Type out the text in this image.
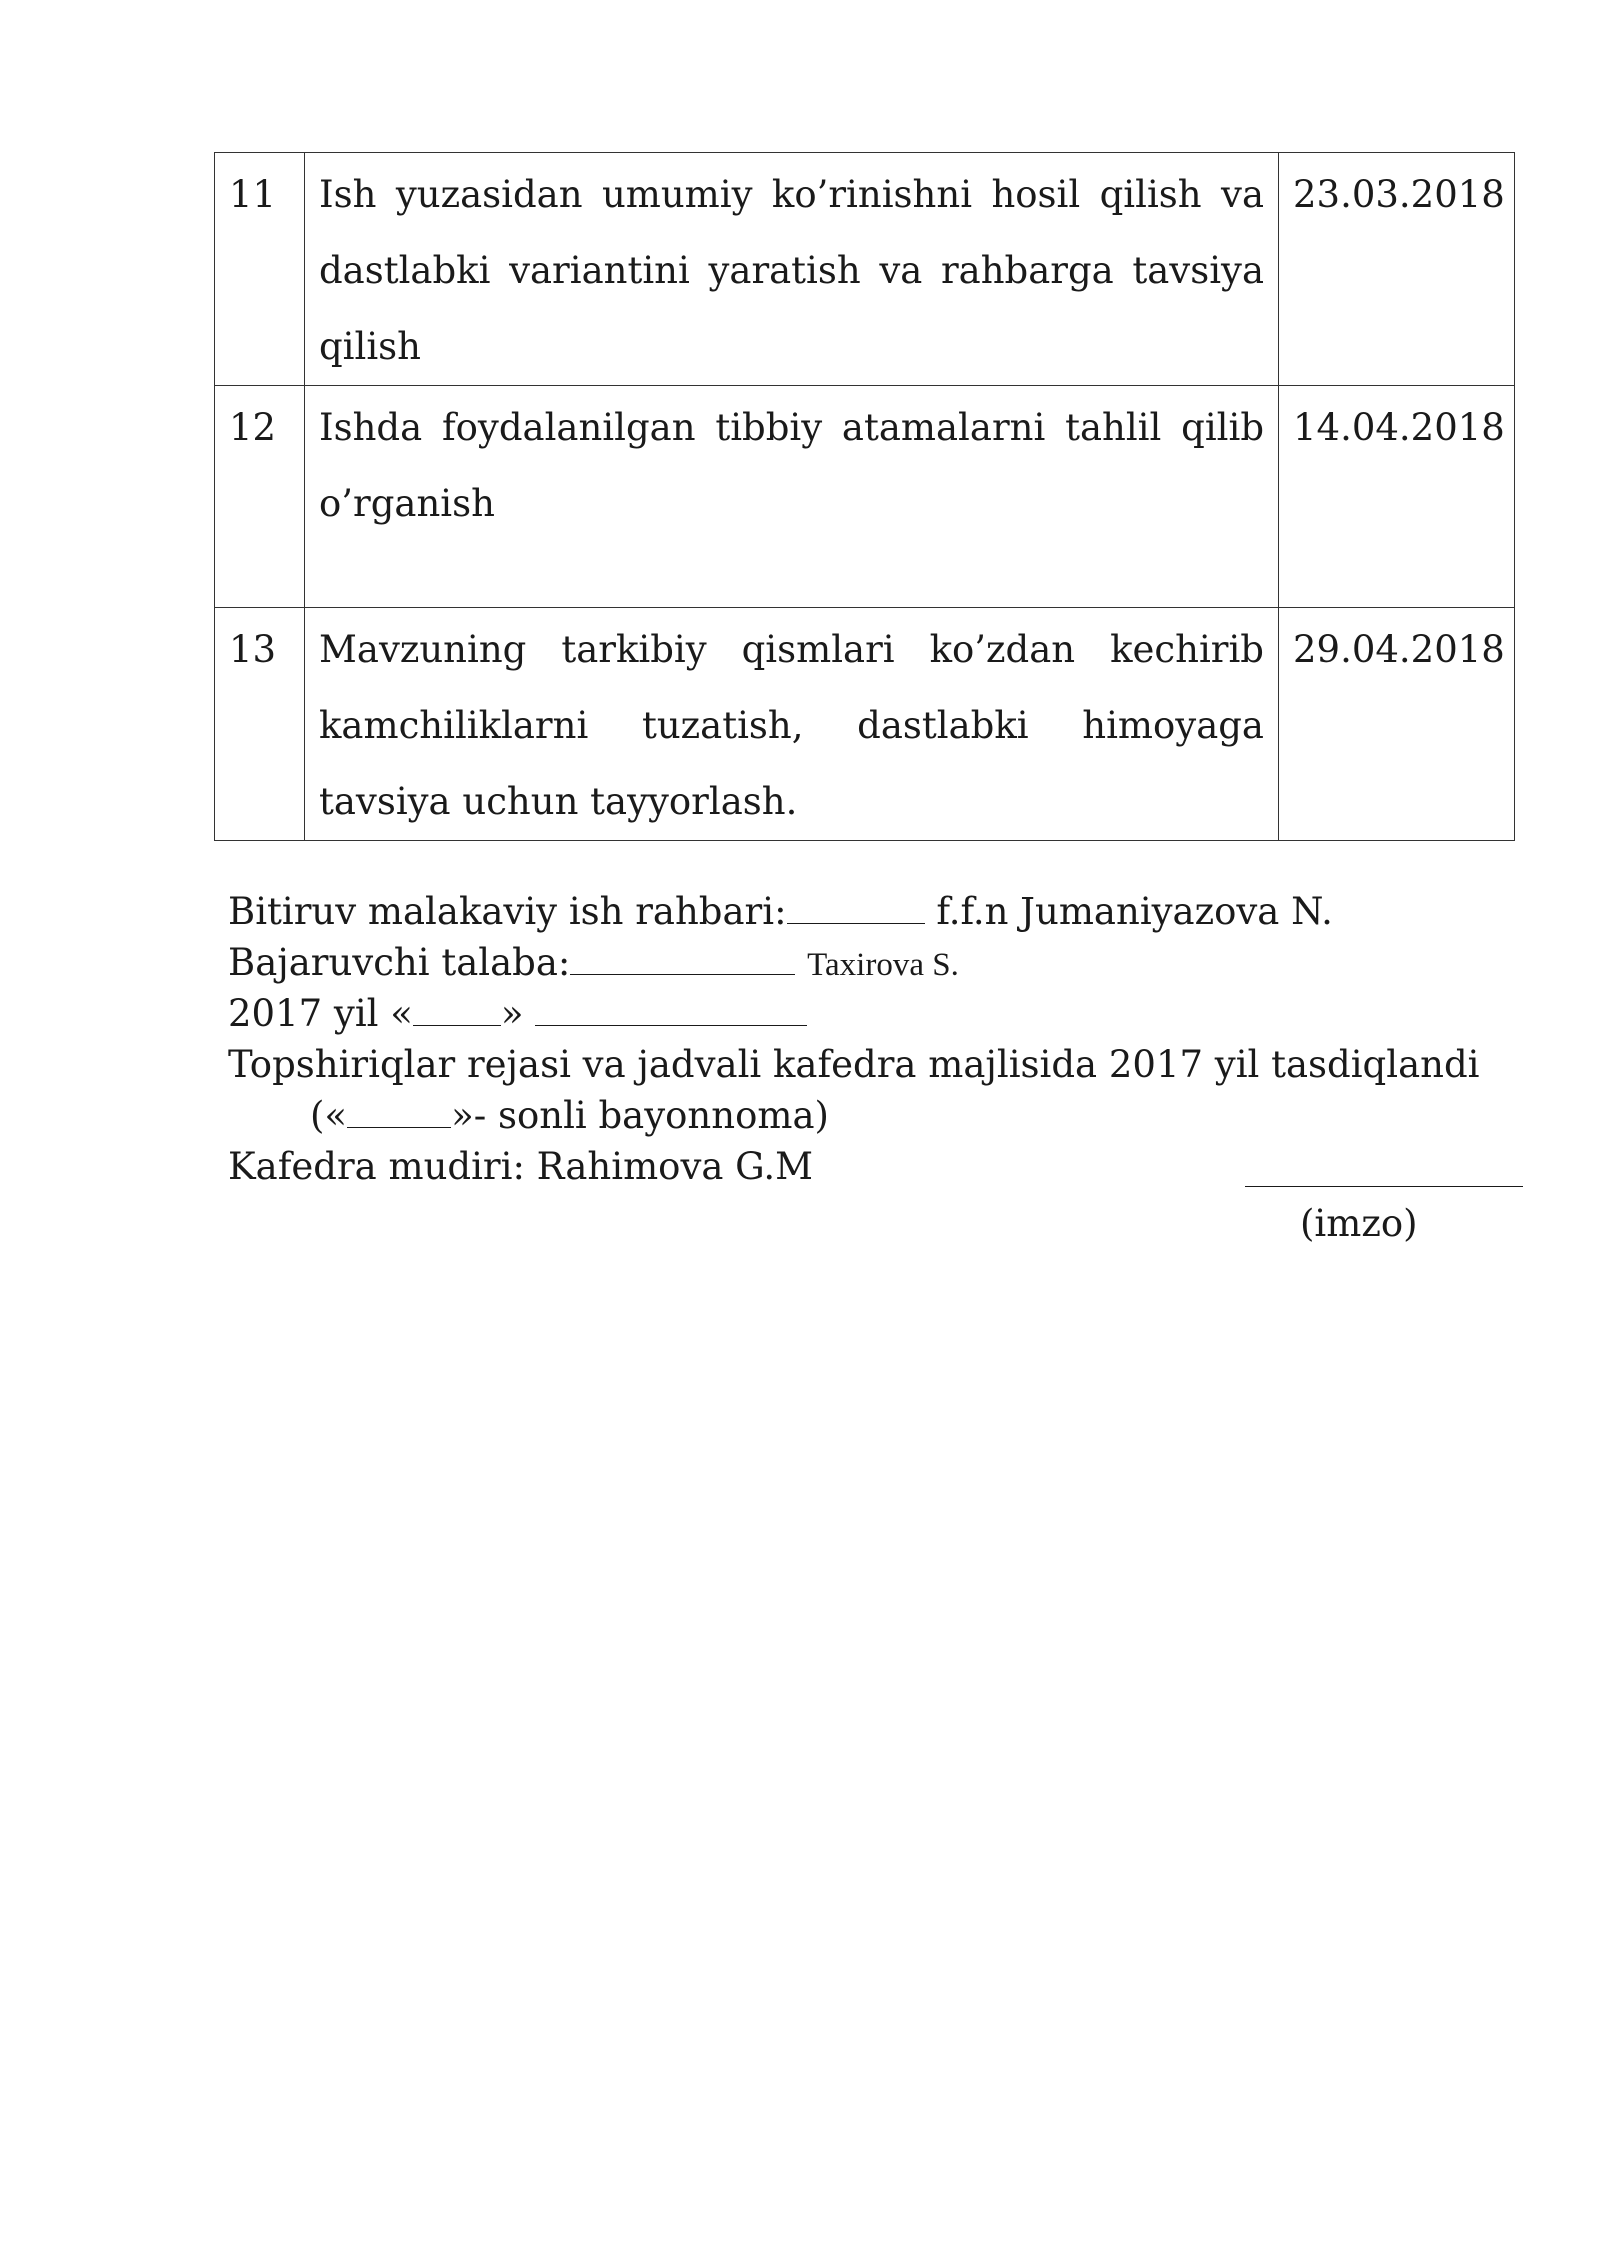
11	Ish yuzasidan umumiy ko’rinishni hosil qilish va dastlabki variantini yaratish va rahbarga tavsiya qilish	23.03.2018
12	Ishda foydalanilgan tibbiy atamalarni tahlil qilib o’rganish	14.04.2018
13	Mavzuning tarkibiy qismlari ko’zdan kechirib kamchiliklarni tuzatish, dastlabki himoyaga tavsiya uchun tayyorlash.	29.04.2018
Bitiruv malakaviy ish rahbari:	f.f.n Jumaniyazova N.
Bajaruvchi talaba:	Taxirova S.
2017 yil « »
Topshiriqlar rejasi va jadvali kafedra majlisida 2017 yil tasdiqlandi
(«	»- sonli bayonnoma)
Kafedra mudiri: Rahimova G.M
(imzo)
